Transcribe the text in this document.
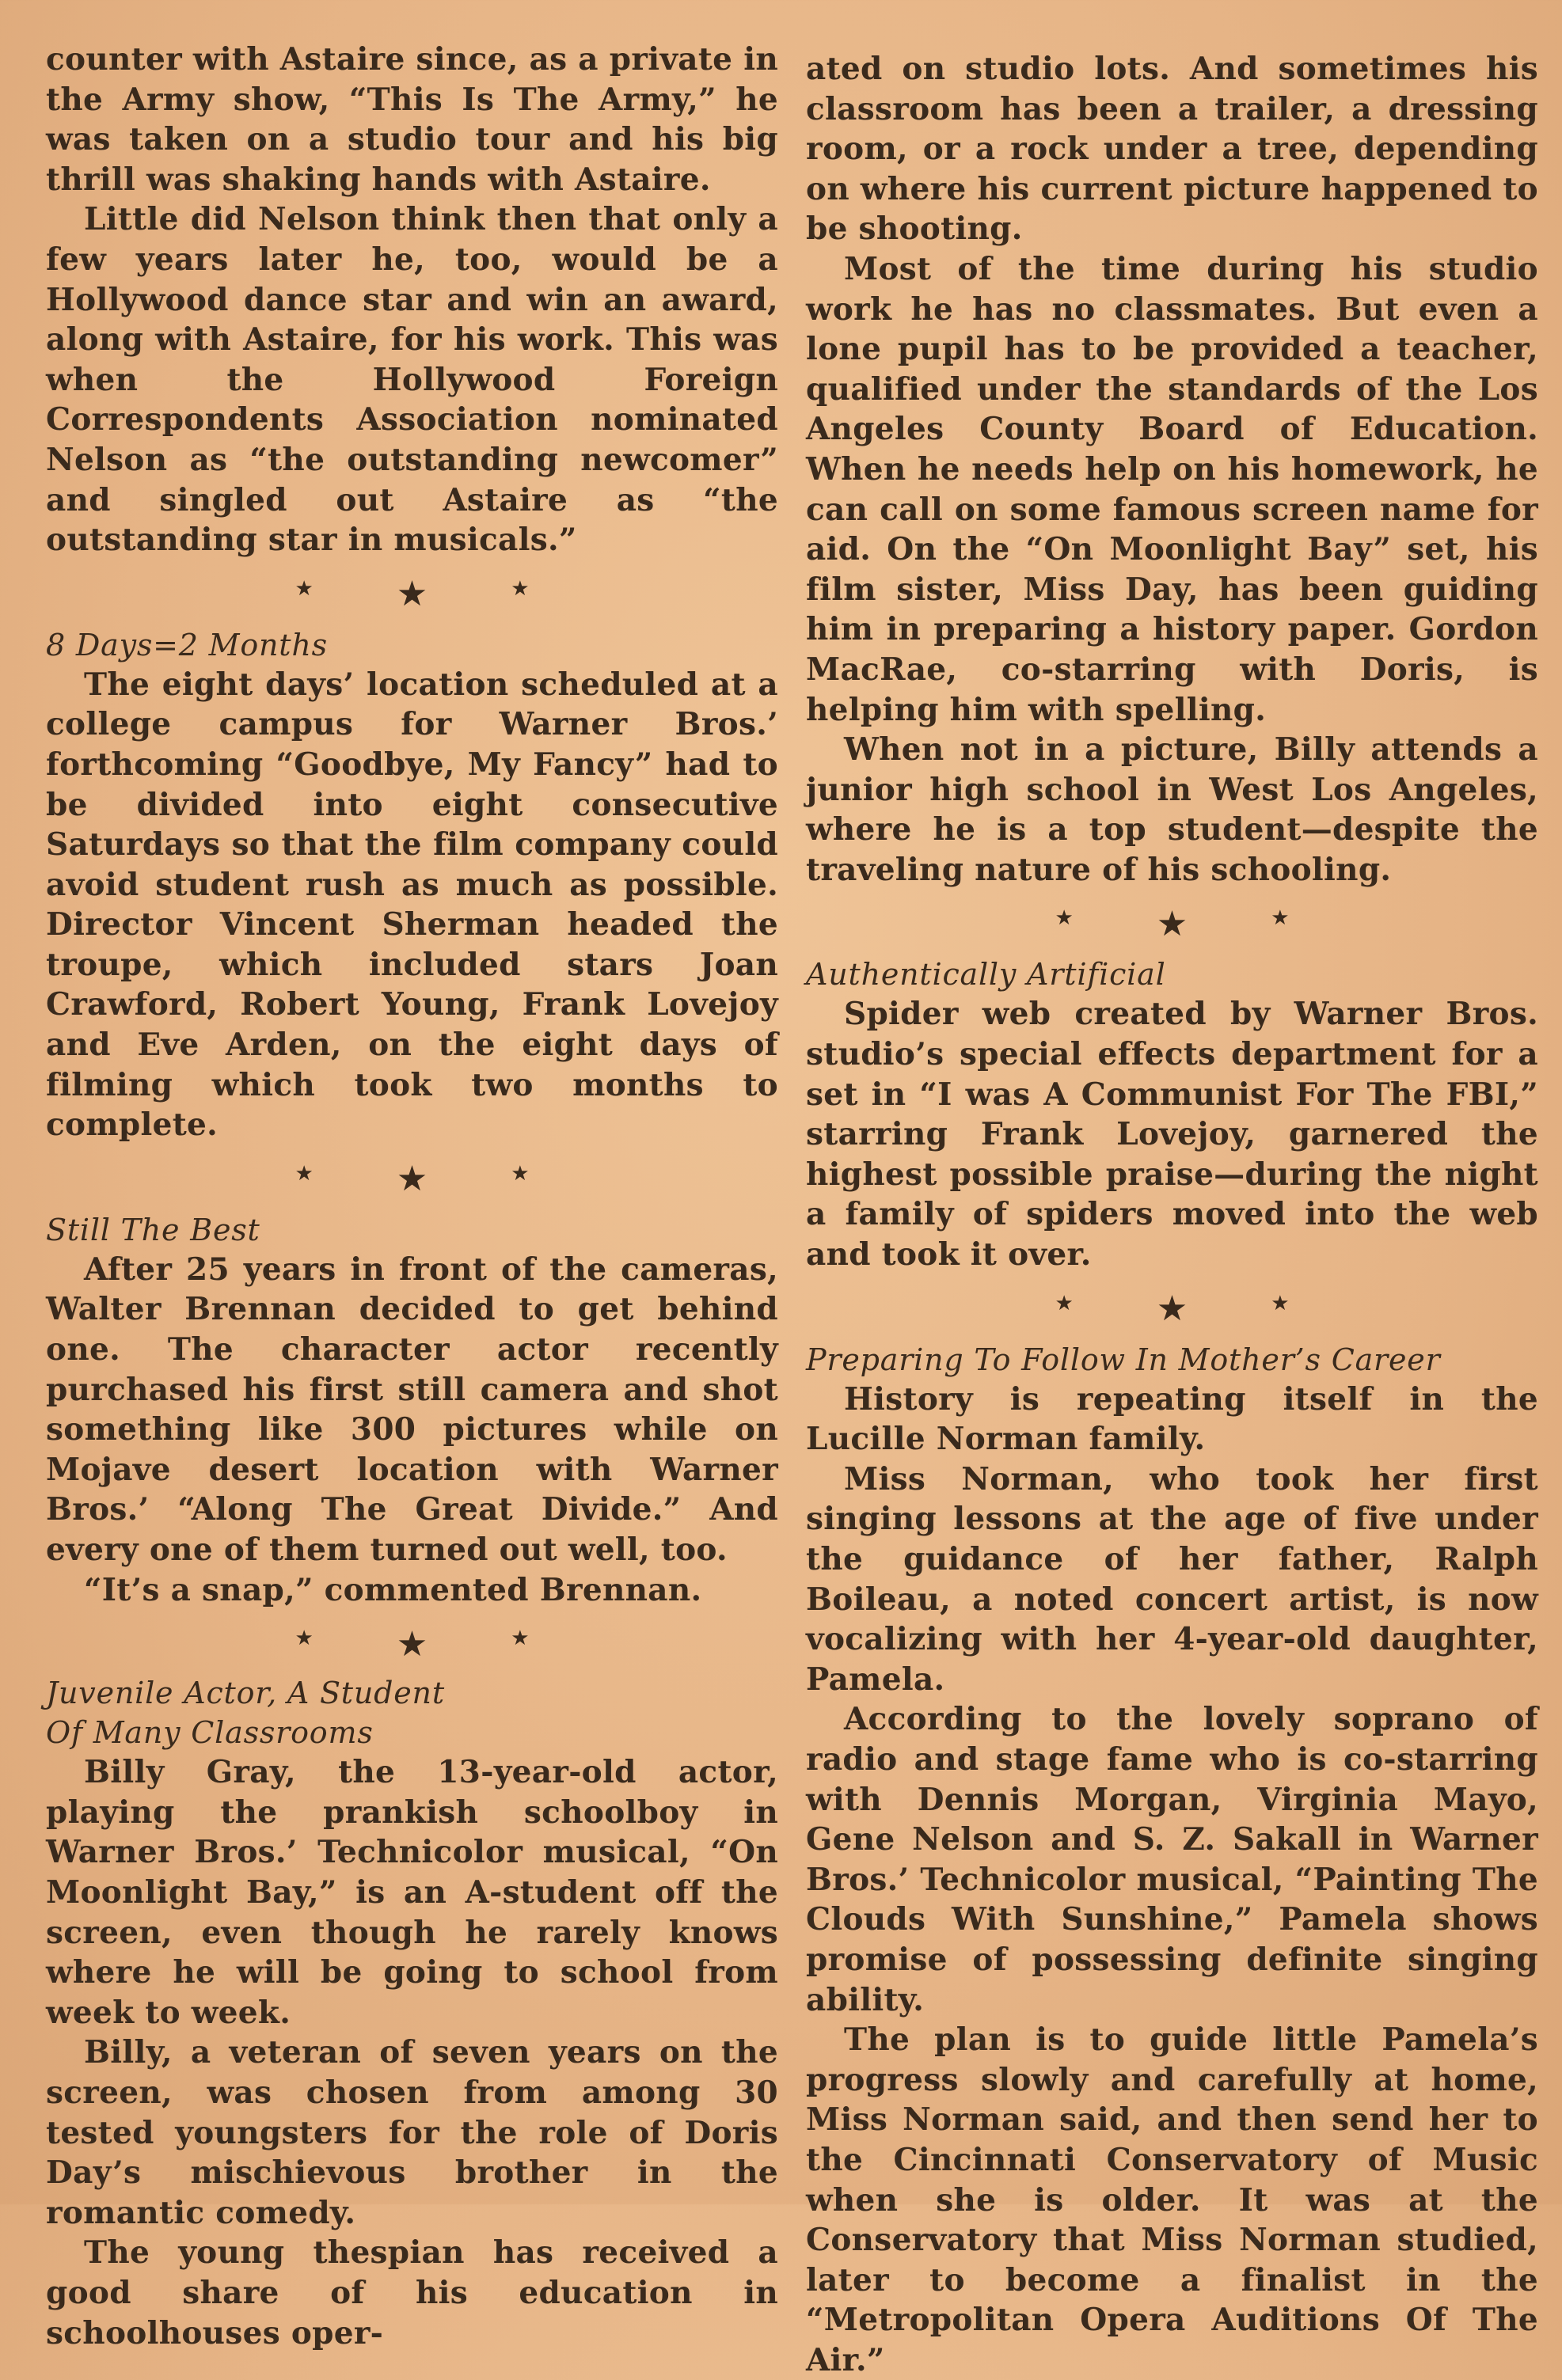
counter with Astaire since, as a private in the Army show, “This Is The Army,” he was taken on a studio tour and his big thrill was shaking hands with Astaire.

Little did Nelson think then that only a few years later he, too, would be a Hollywood dance star and win an award, along with Astaire, for his work. This was when the Hollywood Foreign Correspondents Association nominated Nelson as “the outstanding newcomer” and singled out Astaire as “the outstanding star in musicals.”

★ ★	★
8 Days=2 Months

The eight days’ location scheduled at a college campus for Warner Bros.’ forthcoming “Goodbye, My Fancy” had to be divided into eight consecutive Saturdays so that the film company could avoid student rush as much as possible. Director Vincent Sherman headed the troupe, which included stars Joan Crawford, Robert Young, Frank Lovejoy and Eve Arden, on the eight days of filming which took two months to complete.

★ ★	★
Still The Best

After 25 years in front of the cameras, Walter Brennan decided to get behind one. The character actor recently purchased his first still camera and shot something like 300 pictures while on Mojave desert location with Warner Bros.’ “Along The Great Divide.” And every one of them turned out well, too.

“It’s a snap,” commented Brennan.

★ ★	★
Juvenile Actor, A Student
Of Many Classrooms

Billy Gray, the 13-year-old actor, playing the prankish schoolboy in Warner Bros.’ Technicolor musical, “On Moonlight Bay,” is an A-student off the screen, even though he rarely knows where he will be going to school from week to week.

Billy, a veteran of seven years on the screen, was chosen from among 30 tested youngsters for the role of Doris Day’s mischievous brother in the romantic comedy.

The young thespian has received a good share of his education in schoolhouses oper-

ated on studio lots. And sometimes his classroom has been a trailer, a dressing room, or a rock under a tree, depending on where his current picture happened to be shooting.

Most of the time during his studio work he has no classmates. But even a lone pupil has to be provided a teacher, qualified under the standards of the Los Angeles County Board of Education. When he needs help on his homework, he can call on some famous screen name for aid. On the “On Moonlight Bay” set, his film sister, Miss Day, has been guiding him in preparing a history paper. Gordon MacRae, co-starring with Doris, is helping him with spelling.

When not in a picture, Billy attends a junior high school in West Los Angeles, where he is a top student—despite the traveling nature of his schooling.

★ ★	★
Authentically Artificial

Spider web created by Warner Bros. studio’s special effects department for a set in “I was A Communist For The FBI,” starring Frank Lovejoy, garnered the highest possible praise—during the night a family of spiders moved into the web and took it over.

★ ★	★
Preparing To Follow In Mother’s Career

History is repeating itself in the Lucille Norman family.

Miss Norman, who took her first singing lessons at the age of five under the guidance of her father, Ralph Boileau, a noted concert artist, is now vocalizing with her 4-year-old daughter, Pamela.

According to the lovely soprano of radio and stage fame who is co-starring with Dennis Morgan, Virginia Mayo, Gene Nelson and S. Z. Sakall in Warner Bros.’ Technicolor musical, “Painting The Clouds With Sunshine,” Pamela shows promise of possessing definite singing ability.

The plan is to guide little Pamela’s progress slowly and carefully at home, Miss Norman said, and then send her to the Cincinnati Conservatory of Music when she is older. It was at the Conservatory that Miss Norman studied, later to become a finalist in the “Metropolitan Opera Auditions Of The Air.”
